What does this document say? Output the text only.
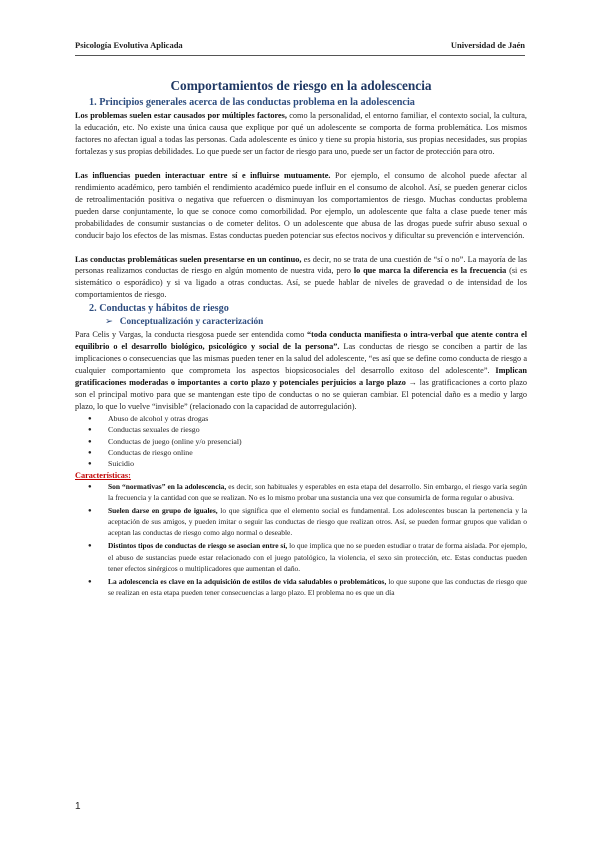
Psicología Evolutiva Aplicada	Universidad de Jaén
Comportamientos de riesgo en la adolescencia
1. Principios generales acerca de las conductas problema en la adolescencia

Los problemas suelen estar causados por múltiples factores, como la personalidad, el entorno familiar, el contexto social, la cultura, la educación, etc. No existe una única causa que explique por qué un adolescente se comporta de forma problemática. Los mismos factores no afectan igual a todas las personas. Cada adolescente es único y tiene su propia historia, sus propias necesidades, sus propias fortalezas y sus propias debilidades. Lo que puede ser un factor de riesgo para uno, puede ser un factor de protección para otro.

Las influencias pueden interactuar entre sí e influirse mutuamente. Por ejemplo, el consumo de alcohol puede afectar al rendimiento académico, pero también el rendimiento académico puede influir en el consumo de alcohol. Así, se pueden generar ciclos de retroalimentación positiva o negativa que refuercen o disminuyan los comportamientos de riesgo. Muchas conductas problema pueden darse conjuntamente, lo que se conoce como comorbilidad. Por ejemplo, un adolescente que falta a clase puede tener más probabilidades de consumir sustancias o de cometer delitos. O un adolescente que abusa de las drogas puede sufrir abuso sexual o conducir bajo los efectos de las mismas. Estas conductas pueden potenciar sus efectos nocivos y dificultar su prevención e intervención.

Las conductas problemáticas suelen presentarse en un continuo, es decir, no se trata de una cuestión de “sí o no”. La mayoría de las personas realizamos conductas de riesgo en algún momento de nuestra vida, pero lo que marca la diferencia es la frecuencia (si es sistemático o esporádico) y si va ligado a otras conductas. Así, se puede hablar de niveles de gravedad o de intensidad de los comportamientos de riesgo.

2. Conductas y hábitos de riesgo
➢ Conceptualización y caracterización

Para Celis y Vargas, la conducta riesgosa puede ser entendida como “toda conducta manifiesta o intra-verbal que atente contra el equilibrio o el desarrollo biológico, psicológico y social de la persona”. Las conductas de riesgo se conciben a partir de las implicaciones o consecuencias que las mismas pueden tener en la salud del adolescente, “es así que se define como conducta de riesgo a cualquier comportamiento que comprometa los aspectos biopsicosociales del desarrollo exitoso del adolescente”. Implican gratificaciones moderadas o importantes a corto plazo y potenciales perjuicios a largo plazo → las gratificaciones a corto plazo son el principal motivo para que se mantengan este tipo de conductas o no se quieran cambiar. El potencial daño es a medio y largo plazo, lo que lo vuelve “invisible” (relacionado con la capacidad de autorregulación).

● Abuso de alcohol y otras drogas
● Conductas sexuales de riesgo
● Conductas de juego (online y/o presencial)
● Conductas de riesgo online
● Suicidio
Características:
● Son “normativas” en la adolescencia, es decir, son habituales y esperables en esta etapa del desarrollo. Sin embargo, el riesgo varía según la frecuencia y la cantidad con que se realizan. No es lo mismo probar una sustancia una vez que consumirla de forma regular o abusiva.
● Suelen darse en grupo de iguales, lo que significa que el elemento social es fundamental. Los adolescentes buscan la pertenencia y la aceptación de sus amigos, y pueden imitar o seguir las conductas de riesgo que realizan otros. Así, se pueden formar grupos que validan o aceptan las conductas de riesgo como algo normal o deseable.
● Distintos tipos de conductas de riesgo se asocian entre sí, lo que implica que no se pueden estudiar o tratar de forma aislada. Por ejemplo, el abuso de sustancias puede estar relacionado con el juego patológico, la violencia, el sexo sin protección, etc. Estas conductas pueden tener efectos sinérgicos o multiplicadores que aumentan el daño.
● La adolescencia es clave en la adquisición de estilos de vida saludables o problemáticos, lo que supone que las conductas de riesgo que se realizan en esta etapa pueden tener consecuencias a largo plazo. El problema no es que un día
1
